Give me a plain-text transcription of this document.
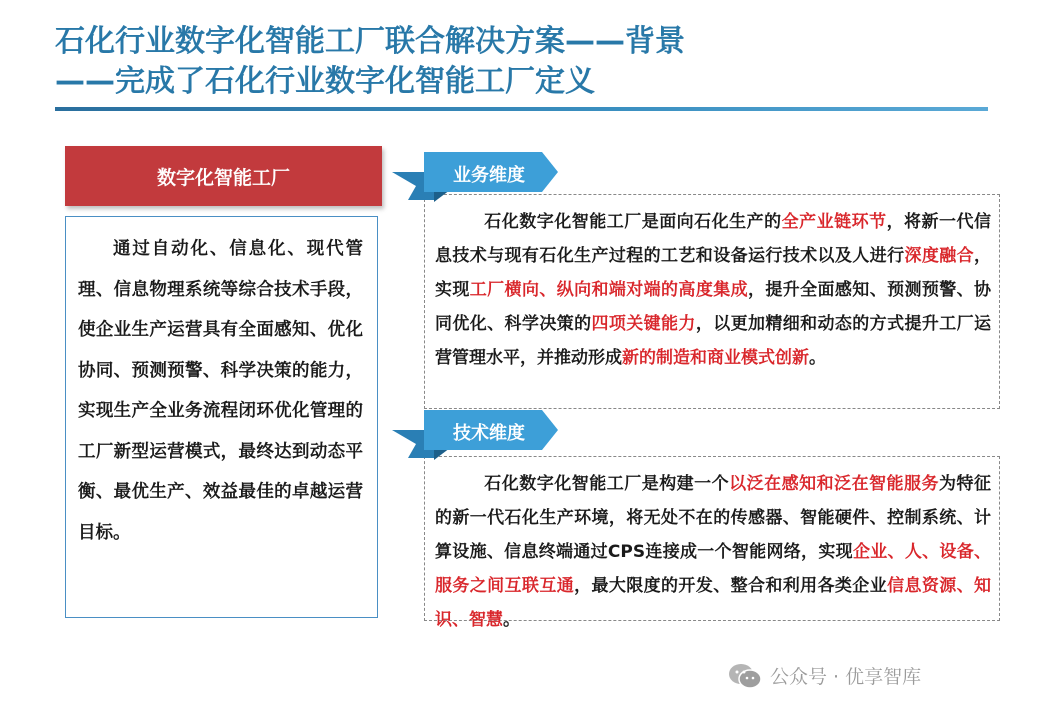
石化行业数字化智能工厂联合解决方案——背景
——完成了石化行业数字化智能工厂定义
数字化智能工厂

通过自动化、信息化、现代管理、信息物理系统等综合技术手段，使企业生产运营具有全面感知、优化协同、预测预警、科学决策的能力，实现生产全业务流程闭环优化管理的工厂新型运营模式，最终达到动态平衡、最优生产、效益最佳的卓越运营目标。

石化数字化智能工厂是面向石化生产的全产业链环节，将新一代信息技术与现有石化生产过程的工艺和设备运行技术以及人进行深度融合，实现工厂横向、纵向和端对端的高度集成，提升全面感知、预测预警、协同优化、科学决策的四项关键能力，以更加精细和动态的方式提升工厂运营管理水平，并推动形成新的制造和商业模式创新。

业务维度

石化数字化智能工厂是构建一个以泛在感知和泛在智能服务为特征的新一代石化生产环境，将无处不在的传感器、智能硬件、控制系统、计算设施、信息终端通过CPS连接成一个智能网络，实现企业、人、设备、服务之间互联互通，最大限度的开发、整合和利用各类企业信息资源、知识、智慧。

技术维度
公众号 · 优享智库
